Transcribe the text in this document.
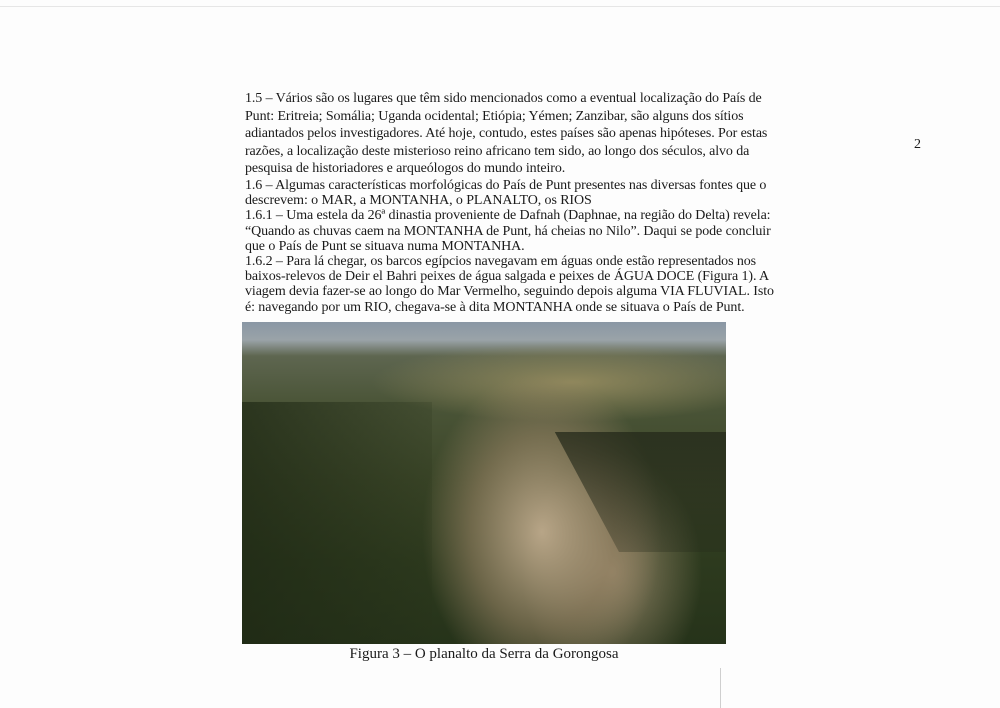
2
1.5 – Vários são os lugares que têm sido mencionados como a eventual localização do País de
Punt: Eritreia; Somália; Uganda ocidental; Etiópia; Yémen; Zanzibar, são alguns dos sítios
adiantados pelos investigadores. Até hoje, contudo, estes países são apenas hipóteses. Por estas
razões, a localização deste misterioso reino africano tem sido, ao longo dos séculos, alvo da
pesquisa de historiadores e arqueólogos do mundo inteiro.
1.6 – Algumas características morfológicas do País de Punt presentes nas diversas fontes que o
descrevem: o MAR, a MONTANHA, o PLANALTO, os RIOS
1.6.1 – Uma estela da 26ª dinastia proveniente de Dafnah (Daphnae, na região do Delta) revela:
“Quando as chuvas caem na MONTANHA de Punt, há cheias no Nilo”. Daqui se pode concluir
que o País de Punt se situava numa MONTANHA.
1.6.2 – Para lá chegar, os barcos egípcios navegavam em águas onde estão representados nos
baixos-relevos de Deir el Bahri peixes de água salgada e peixes de ÁGUA DOCE (Figura 1). A
viagem devia fazer-se ao longo do Mar Vermelho, seguindo depois alguma VIA FLUVIAL. Isto
é: navegando por um RIO, chegava-se à dita MONTANHA onde se situava o País de Punt.
Figura 3 – O planalto da Serra da Gorongosa
